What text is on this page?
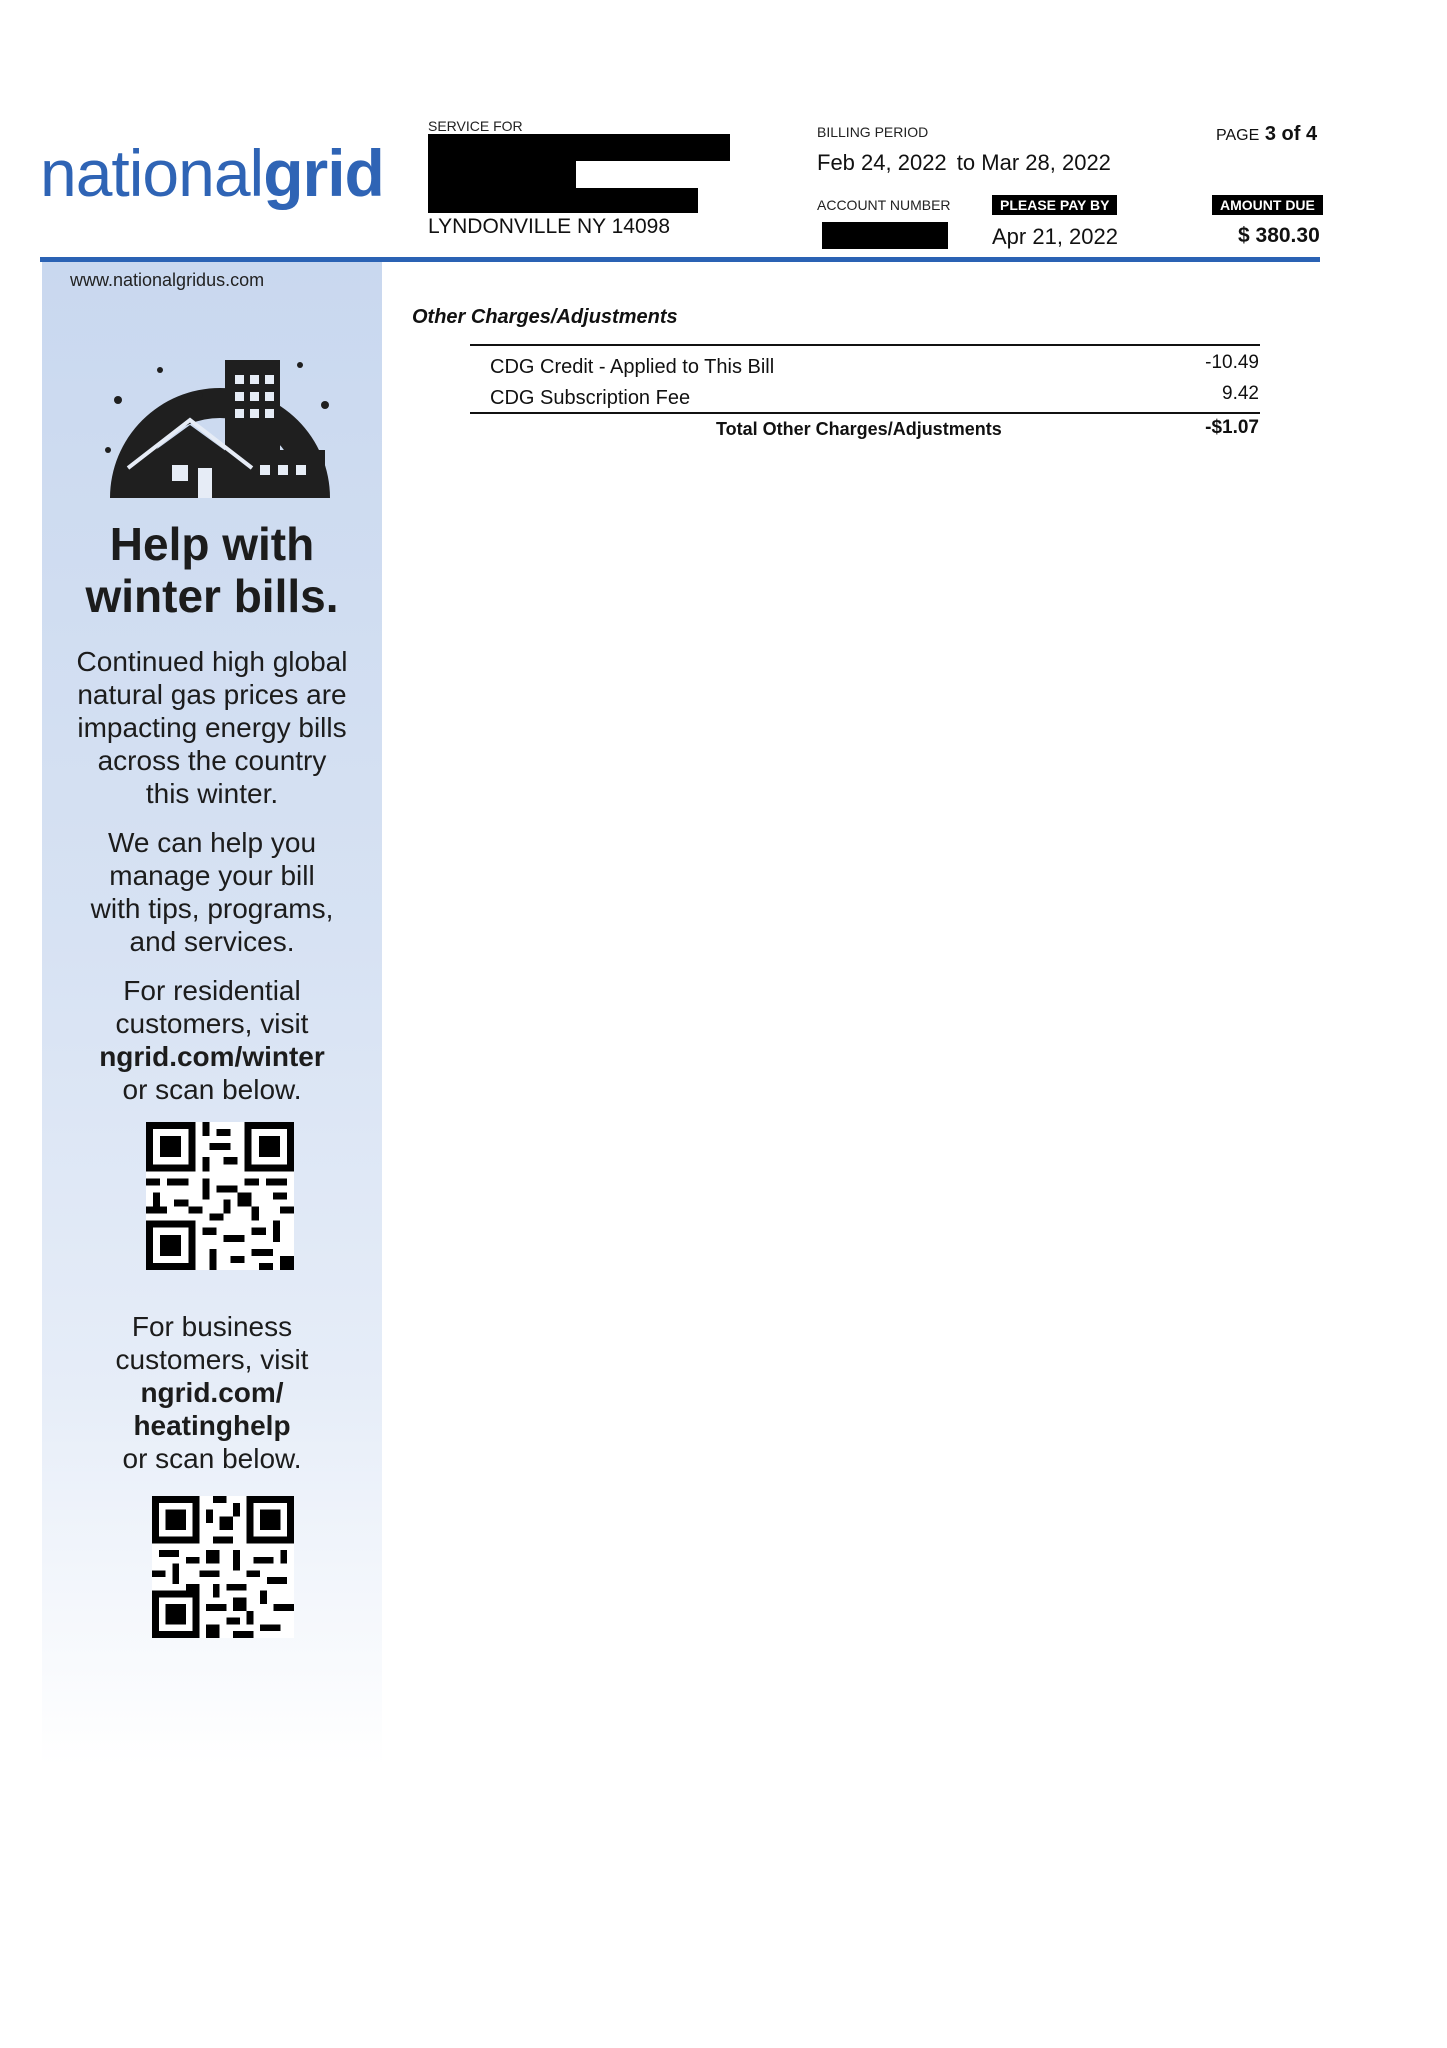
nationalgrid
SERVICE FOR
LYNDONVILLE NY 14098
BILLING PERIOD
Feb 24, 2022 to Mar 28, 2022
ACCOUNT NUMBER	PLEASE PAY BY
Apr 21, 2022
PAGE 3 of 4
AMOUNT DUE
$ 380.30
www.nationalgridus.com
Help with
winter bills.
Continued high global
natural gas prices are
impacting energy bills
across the country
this winter.
We can help you
manage your bill
with tips, programs,
and services.
For residential
customers, visit
ngrid.com/winter
or scan below.
For business
customers, visit
ngrid.com/
heatinghelp
or scan below.
Other Charges/Adjustments
CDG Credit - Applied to This Bill	-10.49
CDG Subscription Fee	9.42
Total Other Charges/Adjustments	-$1.07
